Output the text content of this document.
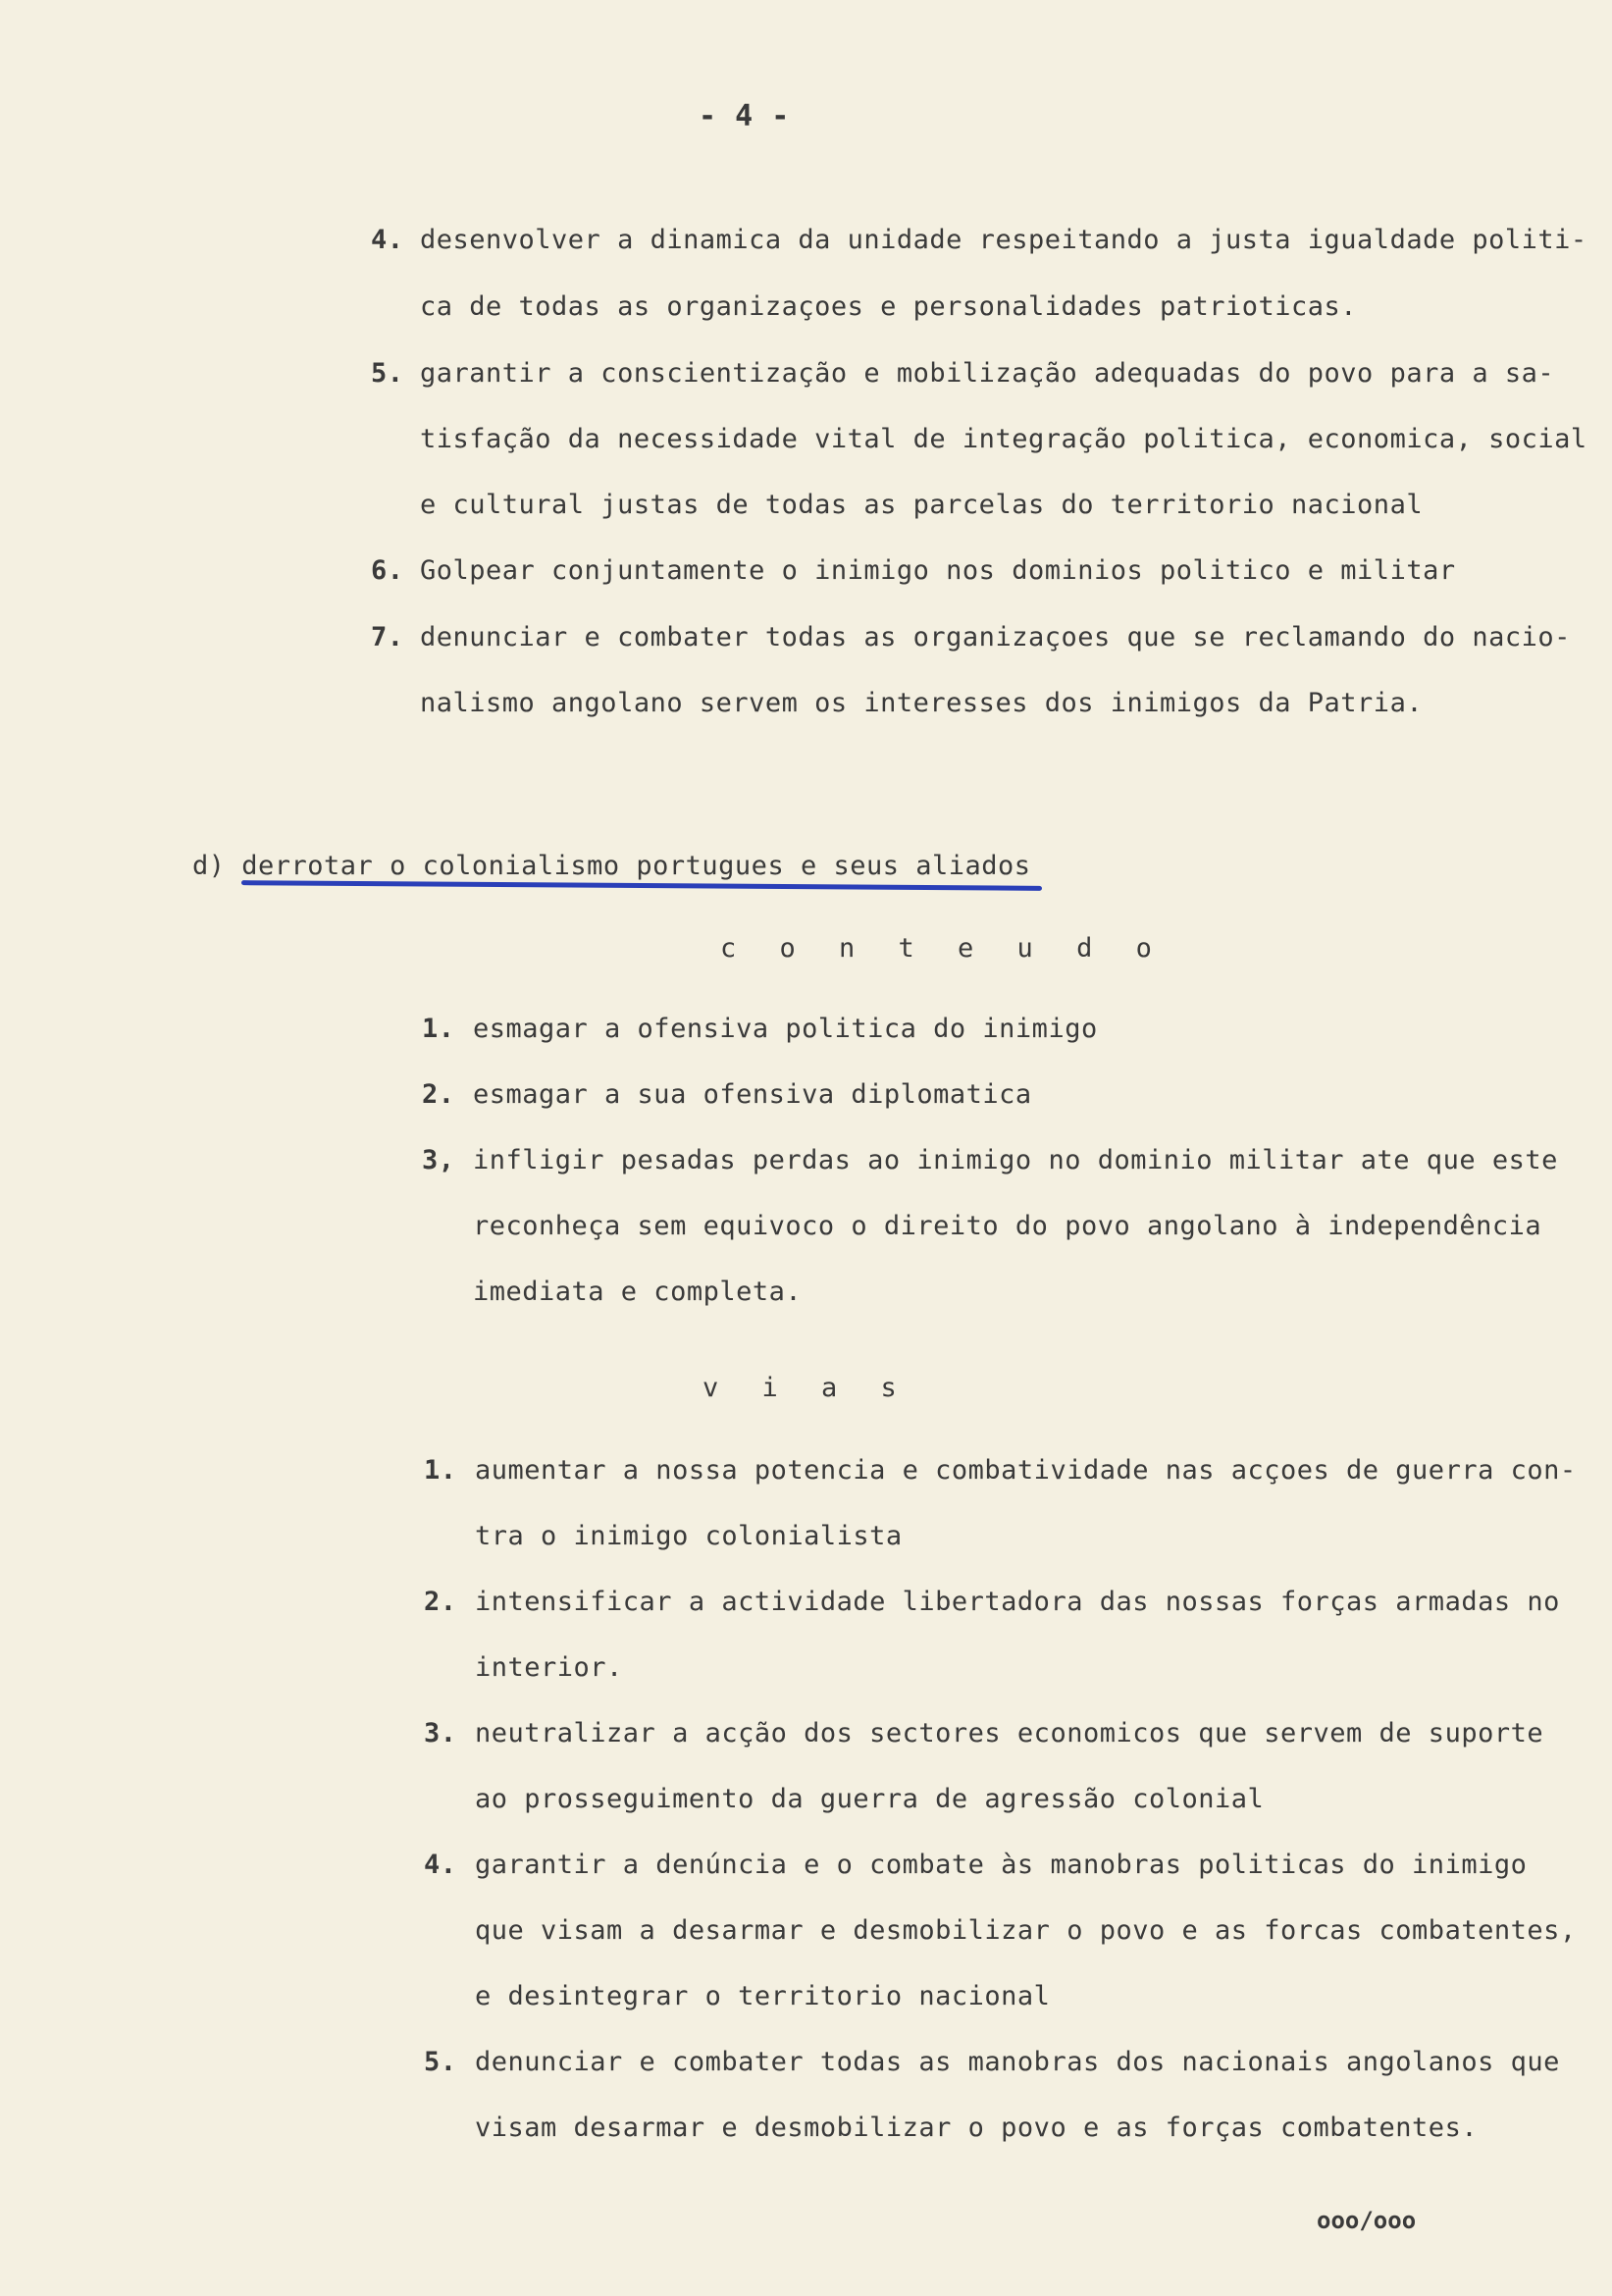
- 4 -
4. desenvolver a dinamica da unidade respeitando a justa igualdade politi-
ca de todas as organizaçoes e personalidades patrioticas.
5. garantir a conscientização e mobilização adequadas do povo para a sa-
tisfação da necessidade vital de integração politica, economica, social
e cultural justas de todas as parcelas do territorio nacional
6. Golpear conjuntamente o inimigo nos dominios politico e militar
7. denunciar e combater todas as organizaçoes que se reclamando do nacio-
nalismo angolano servem os interesses dos inimigos da Patria.
d) derrotar o colonialismo portugues e seus aliados
c o n t e u d o
1. esmagar a ofensiva politica do inimigo
2. esmagar a sua ofensiva diplomatica
3, infligir pesadas perdas ao inimigo no dominio militar ate que este
reconheça sem equivoco o direito do povo angolano à independência
imediata e completa.
v i a s
1. aumentar a nossa potencia e combatividade nas acçoes de guerra con-
tra o inimigo colonialista
2. intensificar a actividade libertadora das nossas forças armadas no
interior.
3. neutralizar a acção dos sectores economicos que servem de suporte
ao prosseguimento da guerra de agressão colonial
4. garantir a denúncia e o combate às manobras politicas do inimigo
que visam a desarmar e desmobilizar o povo e as forcas combatentes,
e desintegrar o territorio nacional
5. denunciar e combater todas as manobras dos nacionais angolanos que
visam desarmar e desmobilizar o povo e as forças combatentes.
ooo/ooo
